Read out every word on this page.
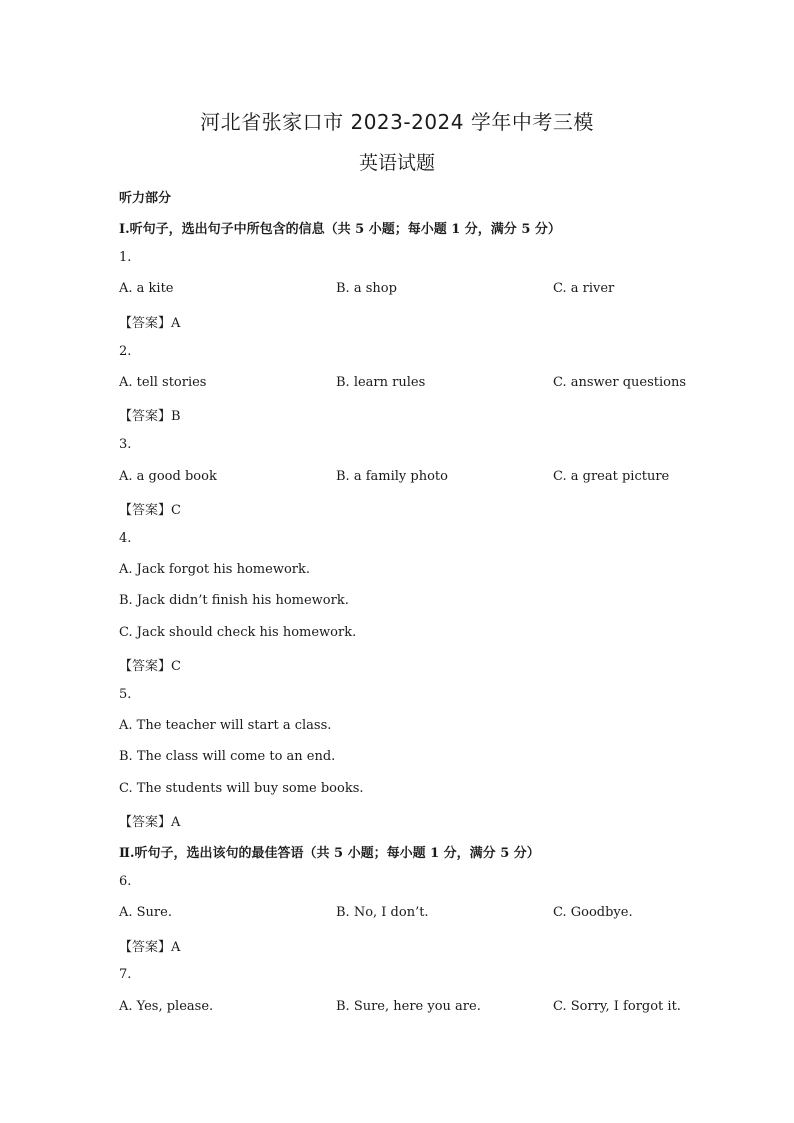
河北省张家口市 2023-2024 学年中考三模
英语试题
听力部分
Ⅰ.听句子，选出句子中所包含的信息（共 5 小题；每小题 1 分，满分 5 分）
1.
A. a kite	B. a shop	C. a river
【答案】A
2.
A. tell stories	B. learn rules	C. answer questions
【答案】B
3.
A. a good book	B. a family photo	C. a great picture
【答案】C
4.
A. Jack forgot his homework.
B. Jack didn’t finish his homework.
C. Jack should check his homework.
【答案】C
5.
A. The teacher will start a class.
B. The class will come to an end.
C. The students will buy some books.
【答案】A
Ⅱ.听句子，选出该句的最佳答语（共 5 小题；每小题 1 分，满分 5 分）
6.
A. Sure.	B. No, I don’t.	C. Goodbye.
【答案】A
7.
A. Yes, please.	B. Sure, here you are.	C. Sorry, I forgot it.
